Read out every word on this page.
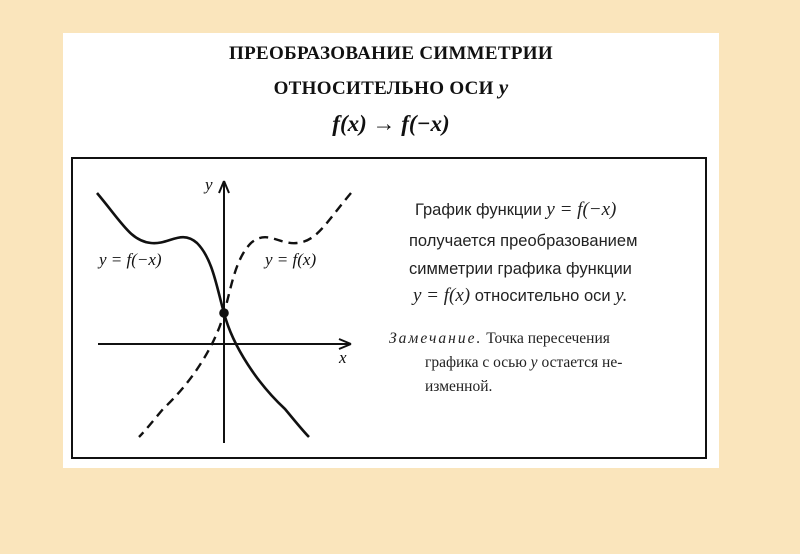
ПРЕОБРАЗОВАНИЕ СИММЕТРИИ
ОТНОСИТЕЛЬНО ОСИ y
f(x) → f(−x)
y
x
y = f(−x)	y = f(x)
График функции y = f(−x)
получается преобразованием
симметрии графика функции
y = f(x) относительно оси y.
Замечание. Точка пересечения
графика с осью y остается не-
изменной.
